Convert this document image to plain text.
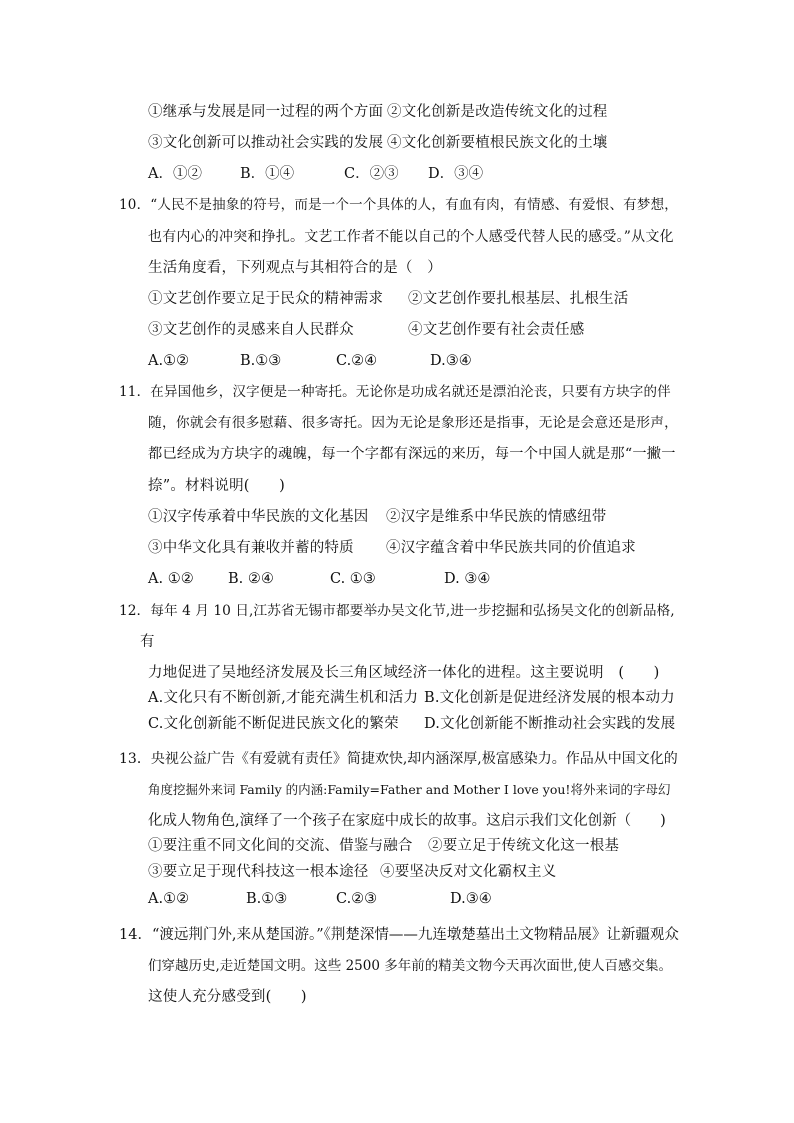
①继承与发展是同一过程的两个方面 ②文化创新是改造传统文化的过程
③文化创新可以推动社会实践的发展 ④文化创新要植根民族文化的土壤
A．①②	B．①④	C．②③ D．③④
10．“人民不是抽象的符号，而是一个一个具体的人，有血有肉，有情感、有爱恨、有梦想，
也有内心的冲突和挣扎。文艺工作者不能以自己的个人感受代替人民的感受。”从文化
生活角度看，下列观点与其相符合的是（　）
①文艺创作要立足于民众的精神需求 ②文艺创作要扎根基层、扎根生活
③文艺创作的灵感来自人民群众	④文艺创作要有社会责任感
A.①②	B.①③	C.②④	D.③④
11．在异国他乡，汉字便是一种寄托。无论你是功成名就还是漂泊沦丧，只要有方块字的伴
随，你就会有很多慰藉、很多寄托。因为无论是象形还是指事，无论是会意还是形声，
都已经成为方块字的魂魄，每一个字都有深远的来历，每一个中国人就是那“一撇一
捺”。材料说明(　　)
①汉字传承着中华民族的文化基因 ②汉字是维系中华民族的情感纽带
③中华文化具有兼收并蓄的特质 ④汉字蕴含着中华民族共同的价值追求
A. ①② B. ②④	C. ①③	D. ③④
12．每年 4 月 10 日,江苏省无锡市都要举办吴文化节,进一步挖掘和弘扬吴文化的创新品格,
有
力地促进了吴地经济发展及长三角区域经济一体化的进程。这主要说明　(　　)
A.文化只有不断创新,才能充满生机和活力 B.文化创新是促进经济发展的根本动力
C.文化创新能不断促进民族文化的繁荣 D.文化创新能不断推动社会实践的发展
13．央视公益广告《有爱就有责任》简捷欢快,却内涵深厚,极富感染力。作品从中国文化的
角度挖掘外来词 Family 的内涵:Family=Father and Mother I love you!将外来词的字母幻
化成人物角色,演绎了一个孩子在家庭中成长的故事。这启示我们文化创新（　　)
①要注重不同文化间的交流、借鉴与融合 ②要立足于传统文化这一根基
③要立足于现代科技这一根本途径 ④要坚决反对文化霸权主义
A.①②	B.①③	C.②③	D.③④
14．“渡远荆门外,来从楚国游。”《荆楚深情——九连墩楚墓出土文物精品展》让新疆观众
们穿越历史,走近楚国文明。这些 2500 多年前的精美文物今天再次面世,使人百感交集。
这使人充分感受到(　　)
